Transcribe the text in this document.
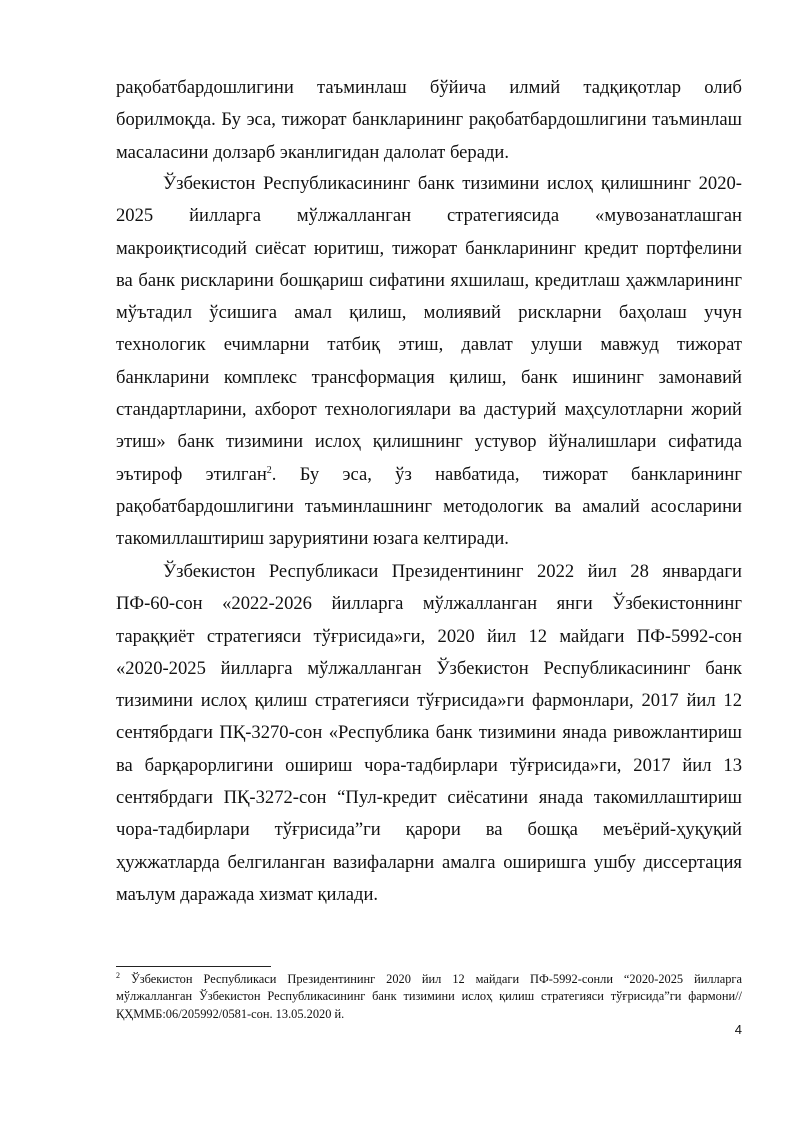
рақобатбардошлигини таъминлаш бўйича илмий тадқиқотлар олиб борилмоқда. Бу эса, тижорат банкларининг рақобатбардошлигини таъминлаш масаласини долзарб эканлигидан далолат беради.

Ўзбекистон Республикасининг банк тизимини ислоҳ қилишнинг 2020-2025 йилларга мўлжалланган стратегиясида «мувозанатлашган макроиқтисодий сиёсат юритиш, тижорат банкларининг кредит портфелини ва банк рискларини бошқариш сифатини яхшилаш, кредитлаш ҳажмларининг мўътадил ўсишига амал қилиш, молиявий рискларни баҳолаш учун технологик ечимларни татбиқ этиш, давлат улуши мавжуд тижорат банкларини комплекс трансформация қилиш, банк ишининг замонавий стандартларини, ахборот технологиялари ва дастурий маҳсулотларни жорий этиш» банк тизимини ислоҳ қилишнинг устувор йўналишлари сифатида эътироф этилган$^2$. Бу эса, ўз навбатида, тижорат банкларининг рақобатбардошлигини таъминлашнинг методологик ва амалий асосларини такомиллаштириш заруриятини юзага келтиради.

Ўзбекистон Республикаси Президентининг 2022 йил 28 январдаги ПФ-60-сон «2022-2026 йилларга мўлжалланган янги Ўзбекистоннинг тараққиёт стратегияси тўғрисида»ги, 2020 йил 12 майдаги ПФ-5992-сон «2020-2025 йилларга мўлжалланган Ўзбекистон Республикасининг банк тизимини ислоҳ қилиш стратегияси тўғрисида»ги фармонлари, 2017 йил 12 сентябрдаги ПҚ-3270-сон «Республика банк тизимини янада ривожлантириш ва барқарорлигини ошириш чора-тадбирлари тўғрисида»ги, 2017 йил 13 сентябрдаги ПҚ-3272-сон “Пул-кредит сиёсатини янада такомиллаштириш чора-тадбирлари тўғрисида”ги қарори ва бошқа меъёрий-ҳуқуқий ҳужжатларда белгиланган вазифаларни амалга оширишга ушбу диссертация маълум даражада хизмат қилади.

$^2$ Ўзбекистон Республикаси Президентининг 2020 йил 12 майдаги ПФ-5992-сонли “2020-2025 йилларга мўлжалланган Ўзбекистон Республикасининг банк тизимини ислоҳ қилиш стратегияси тўғрисида”ги фармони//ҚҲММБ:06/205992/0581-сон. 13.05.2020 й.

4
